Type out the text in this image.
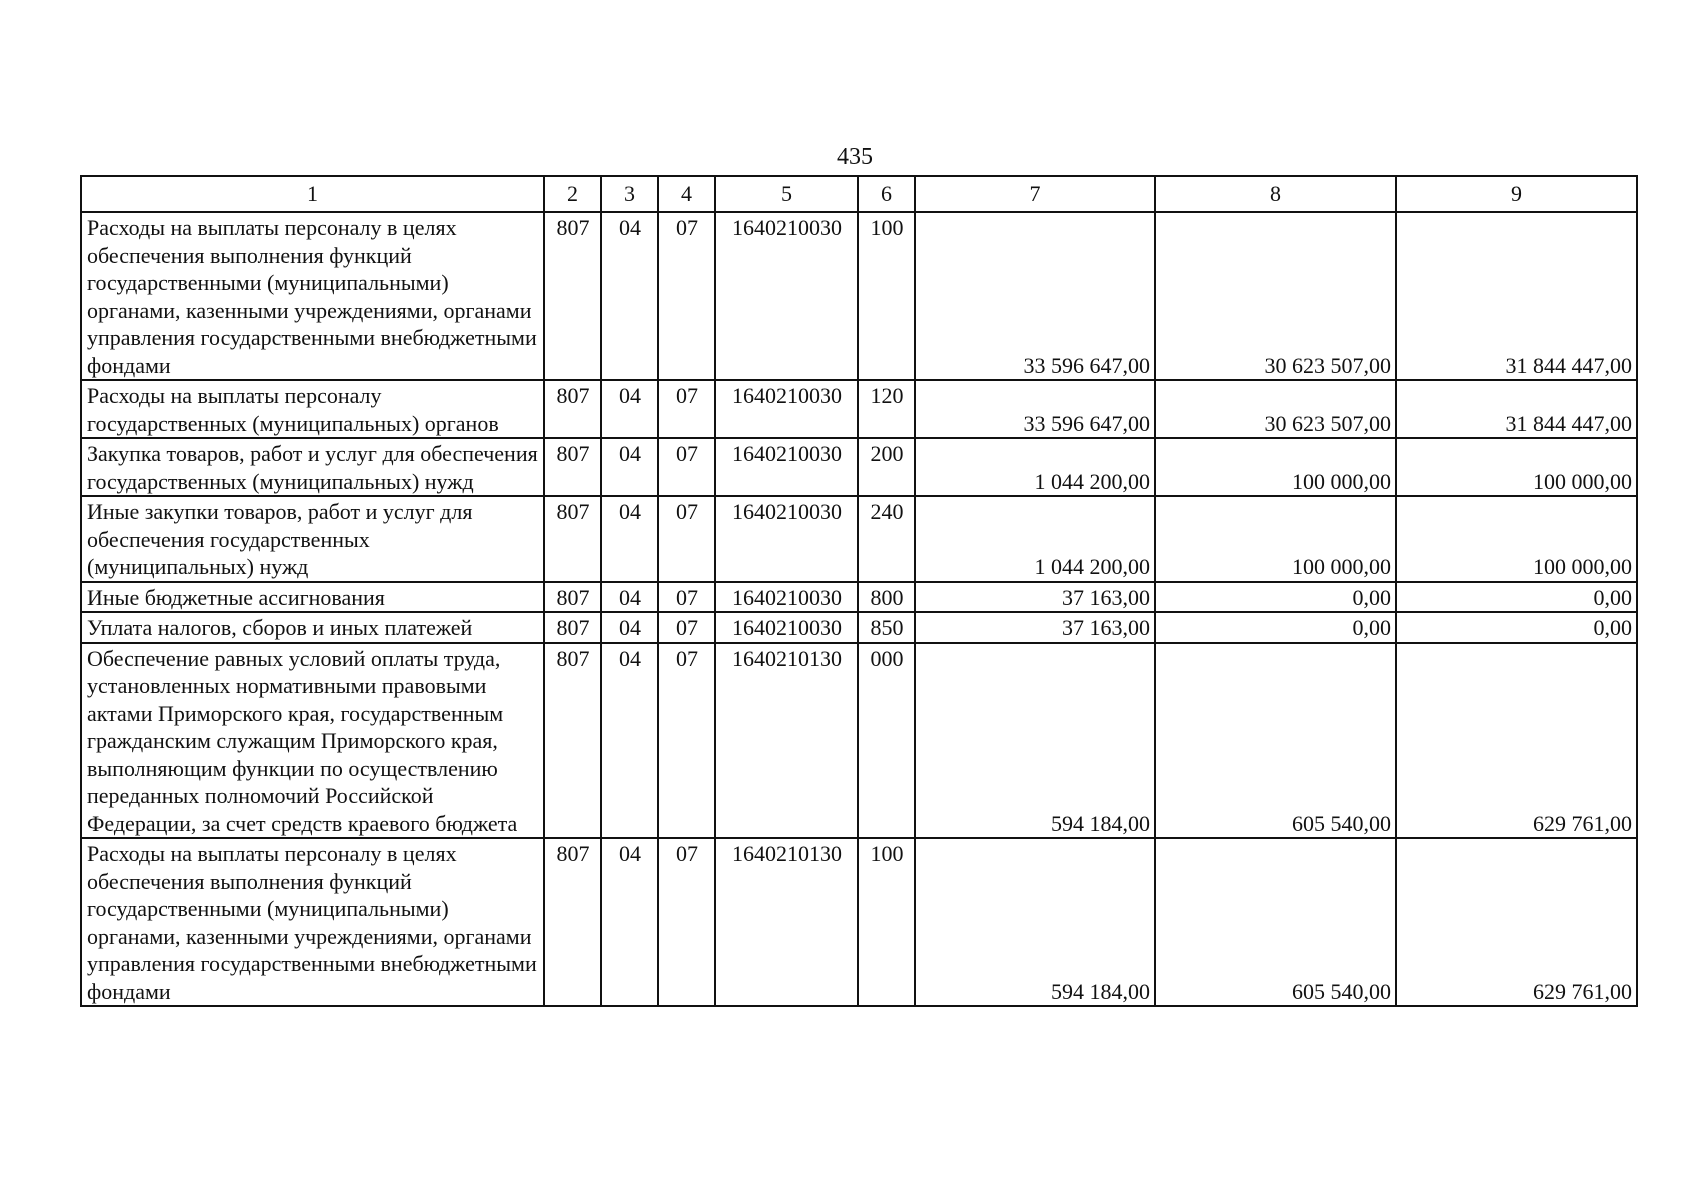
435
1	2	3	4	5	6	7	8	9
Расходы на выплаты персоналу в целях обеспечения выполнения функций государственными (муниципальными) органами, казенными учреждениями, органами управления государственными внебюджетными фондами	807	04	07	1640210030	100	33 596 647,00	30 623 507,00	31 844 447,00
Расходы на выплаты персоналу государственных (муниципальных) органов	807	04	07	1640210030	120	33 596 647,00	30 623 507,00	31 844 447,00
Закупка товаров, работ и услуг для обеспечения государственных (муниципальных) нужд	807	04	07	1640210030	200	1 044 200,00	100 000,00	100 000,00
Иные закупки товаров, работ и услуг для обеспечения государственных (муниципальных) нужд	807	04	07	1640210030	240	1 044 200,00	100 000,00	100 000,00
Иные бюджетные ассигнования	807	04	07	1640210030	800	37 163,00	0,00	0,00
Уплата налогов, сборов и иных платежей	807	04	07	1640210030	850	37 163,00	0,00	0,00
Обеспечение равных условий оплаты труда, установленных нормативными правовыми актами Приморского края, государственным гражданским служащим Приморского края, выполняющим функции по осуществлению переданных полномочий Российской Федерации, за счет средств краевого бюджета	807	04	07	1640210130	000	594 184,00	605 540,00	629 761,00
Расходы на выплаты персоналу в целях обеспечения выполнения функций государственными (муниципальными) органами, казенными учреждениями, органами управления государственными внебюджетными фондами	807	04	07	1640210130	100	594 184,00	605 540,00	629 761,00
